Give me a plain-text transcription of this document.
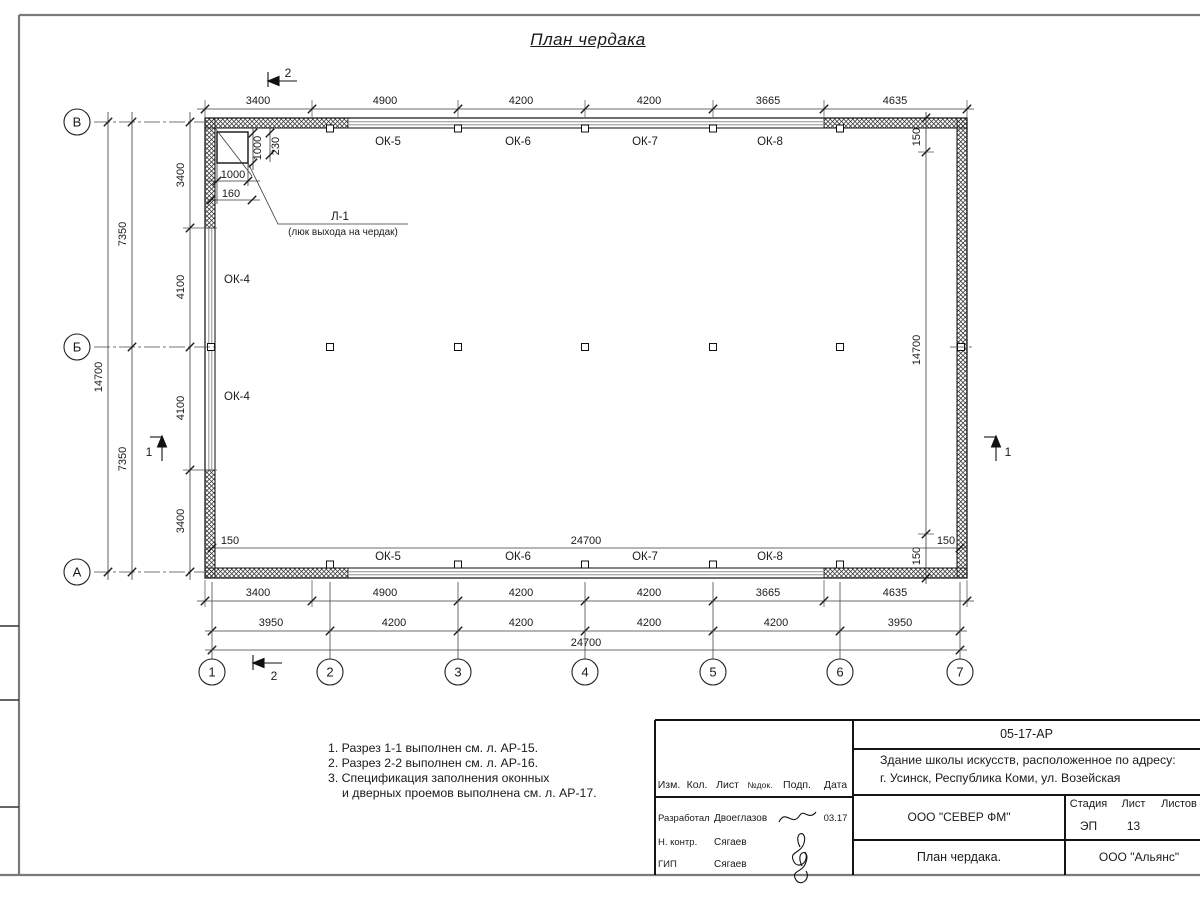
1000 230
1000
160
Л-1
(люк выхода на чердак)
3400	4900	4200	4200	3665	4635
ОК-5	ОК-6	ОК-7	ОК-8
ОК-5	ОК-6	ОК-7	ОК-8
ОК-4
ОК-4
150
14700
150
150	24700	150
3400	4900	4200	4200	3665	4635
3950	4200	4200	4200	4200	3950
24700
3400
4100
4100
3400
7350
7350
14700
В
Б
А
1	2	3	4	5	6	7
2
2
1	1
План чердака
1. Разрез 1-1 выполнен см. л. АР-15.
2. Разрез 2-2 выполнен см. л. АР-16.
3. Спецификация заполнения оконных
и дверных проемов выполнена см. л. АР-17.
Изм. Кол. Лист	№док.	Подп.	Дата
Разработал Двоеглазов	03.17
Н. контр.	Сягаев
ГИП	Сягаев
05-17-АР
Здание школы искусств, расположенное по адресу:
г. Усинск, Республика Коми, ул. Возейская
ООО "СЕВЕР ФМ"
Стадия	Лист	Листов
ЭП	13
План чердака.	ООО "Альянс"
